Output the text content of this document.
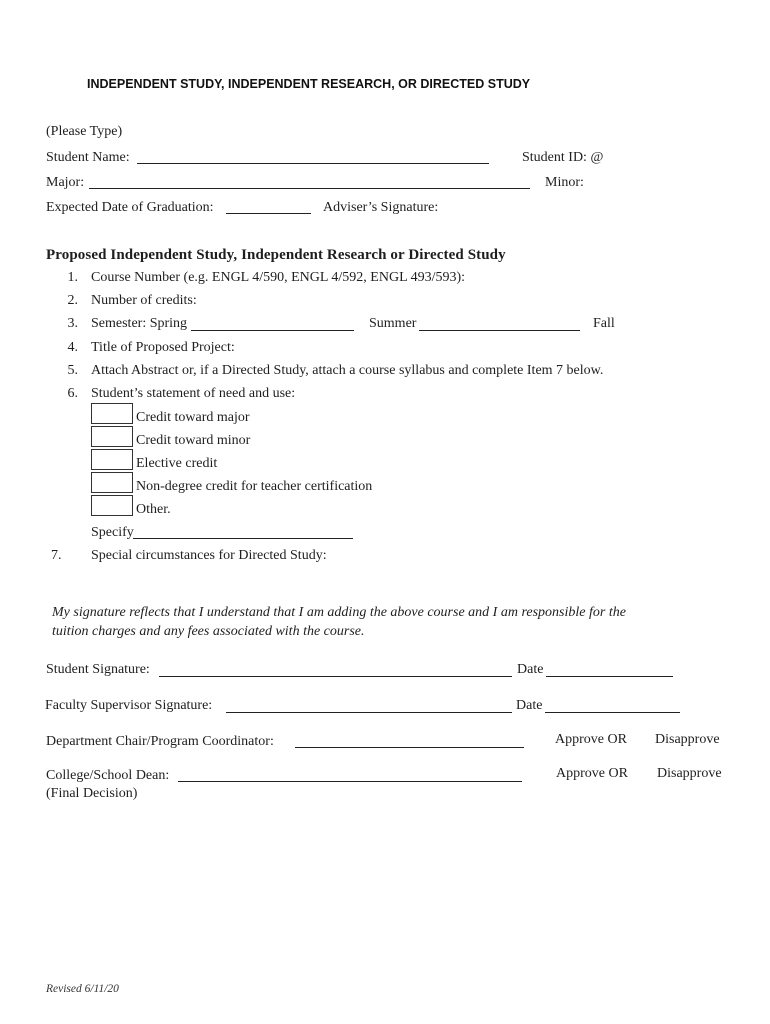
INDEPENDENT STUDY, INDEPENDENT RESEARCH, OR DIRECTED STUDY
(Please Type)
Student Name:	Student ID: @
Major:	Minor:
Expected Date of Graduation:	Adviser’s Signature:
Proposed Independent Study, Independent Research or Directed Study
1. Course Number (e.g. ENGL 4/590, ENGL 4/592, ENGL 493/593):
2. Number of credits:
3. Semester: Spring	Summer	Fall
4. Title of Proposed Project:
5. Attach Abstract or, if a Directed Study, attach a course syllabus and complete Item 7 below.
6. Student’s statement of need and use:
Credit toward major
Credit toward minor
Elective credit
Non-degree credit for teacher certification
Other.
Specify
7. Special circumstances for Directed Study:
My signature reflects that I understand that I am adding the above course and I am responsible for the
tuition charges and any fees associated with the course.
Student Signature:	Date
Faculty Supervisor Signature:	Date
Department Chair/Program Coordinator:	Approve OR Disapprove
College/School Dean:	Approve OR Disapprove
(Final Decision)
Revised 6/11/20
